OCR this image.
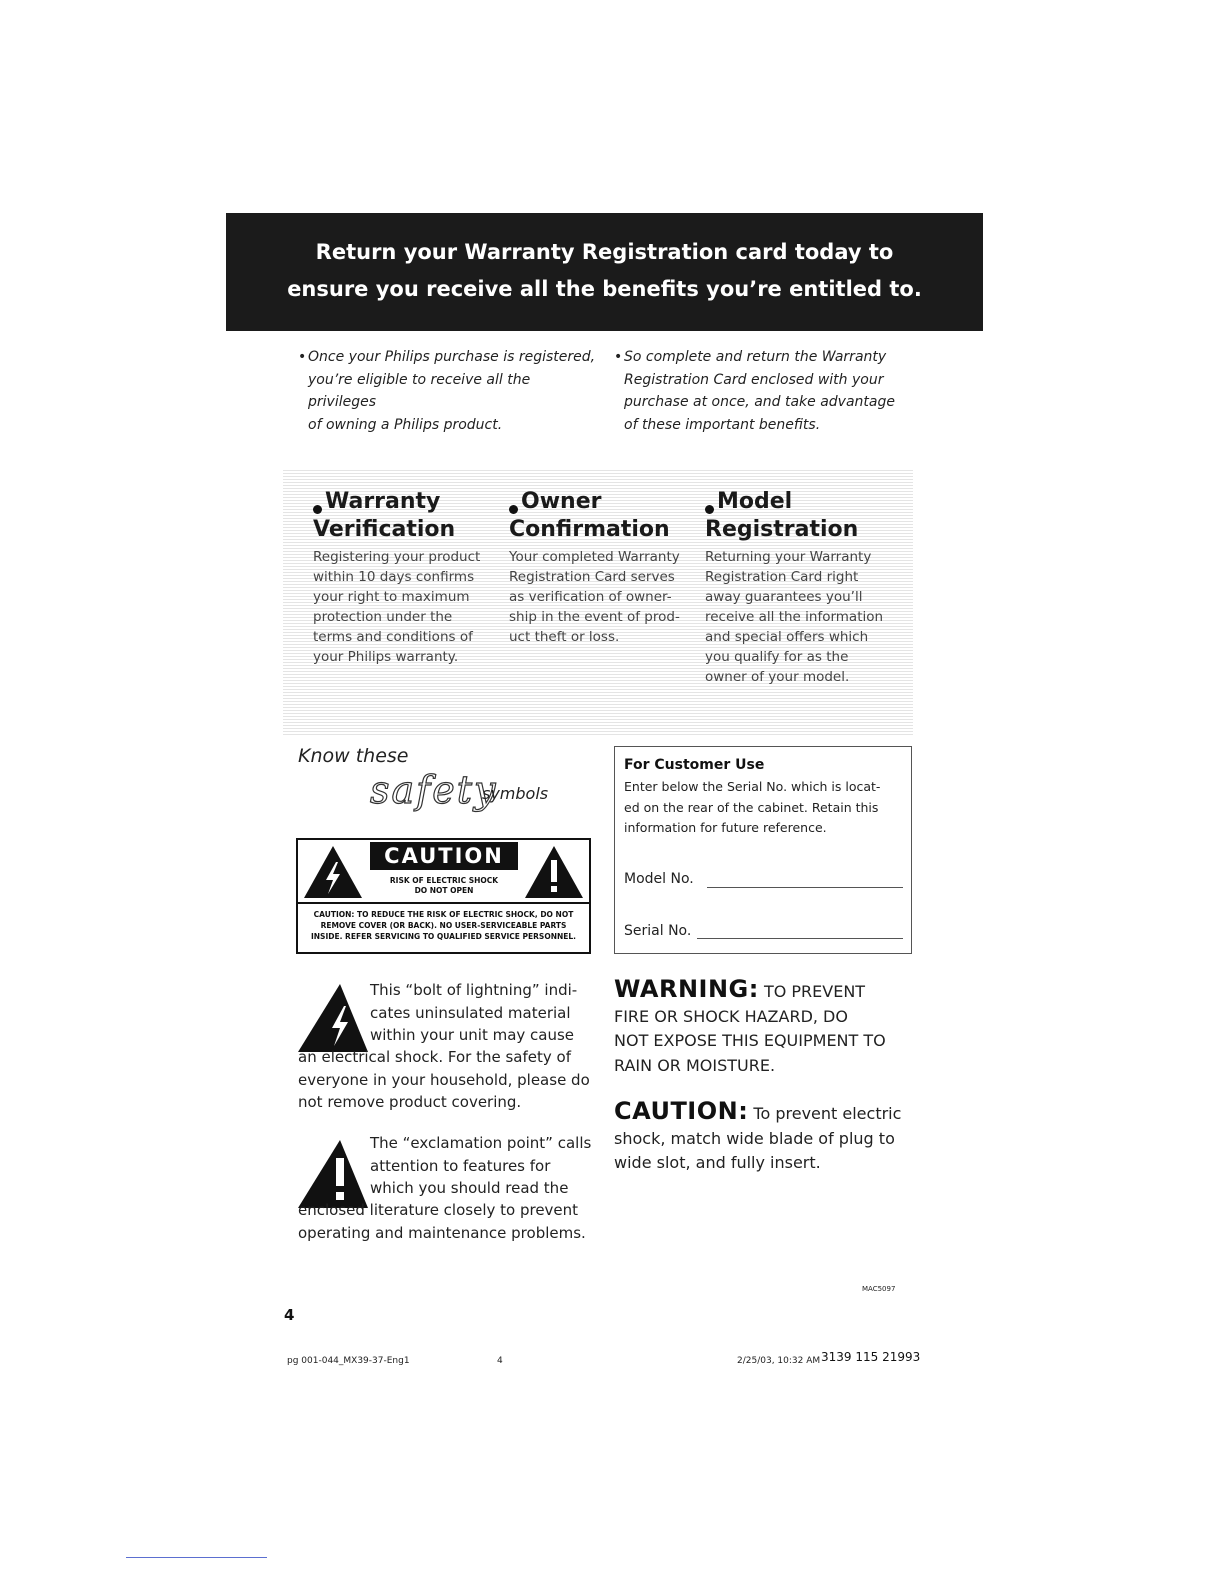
Return your Warranty Registration card today to
ensure you receive all the benefits you’re entitled to.
• Once your Philips purchase is registered,
you’re eligible to receive all the privileges
of owning a Philips product.
• So complete and return the Warranty
Registration Card enclosed with your
purchase at once, and take advantage
of these important benefits.
Warranty
Verification
Registering your product
within 10 days confirms
your right to maximum
protection under the
terms and conditions of
your Philips warranty.
Owner
Confirmation
Your completed Warranty
Registration Card serves
as verification of owner-
ship in the event of prod-
uct theft or loss.
Model
Registration
Returning your Warranty
Registration Card right
away guarantees you’ll
receive all the information
and special offers which
you qualify for as the
owner of your model.
Know these
safety
symbols
CAUTION
RISK OF ELECTRIC SHOCK
DO NOT OPEN
CAUTION: TO REDUCE THE RISK OF ELECTRIC SHOCK, DO NOT
REMOVE COVER (OR BACK). NO USER-SERVICEABLE PARTS
INSIDE. REFER SERVICING TO QUALIFIED SERVICE PERSONNEL.
For Customer Use
Enter below the Serial No. which is locat-
ed on the rear of the cabinet. Retain this
information for future reference.
Model No.
Serial No.
This “bolt of lightning” indi-
cates uninsulated material
within your unit may cause
an electrical shock. For the safety of
everyone in your household, please do
not remove product covering.
The “exclamation point” calls
attention to features for
which you should read the
enclosed literature closely to prevent
operating and maintenance problems.
WARNING: TO PREVENT
FIRE OR SHOCK HAZARD, DO
NOT EXPOSE THIS EQUIPMENT TO
RAIN OR MOISTURE.
CAUTION: To prevent electric
shock, match wide blade of plug to
wide slot, and fully insert.
MAC5097
4
pg 001-044_MX39-37-Eng1	4	2/25/03, 10:32 AM 3139 115 21993
